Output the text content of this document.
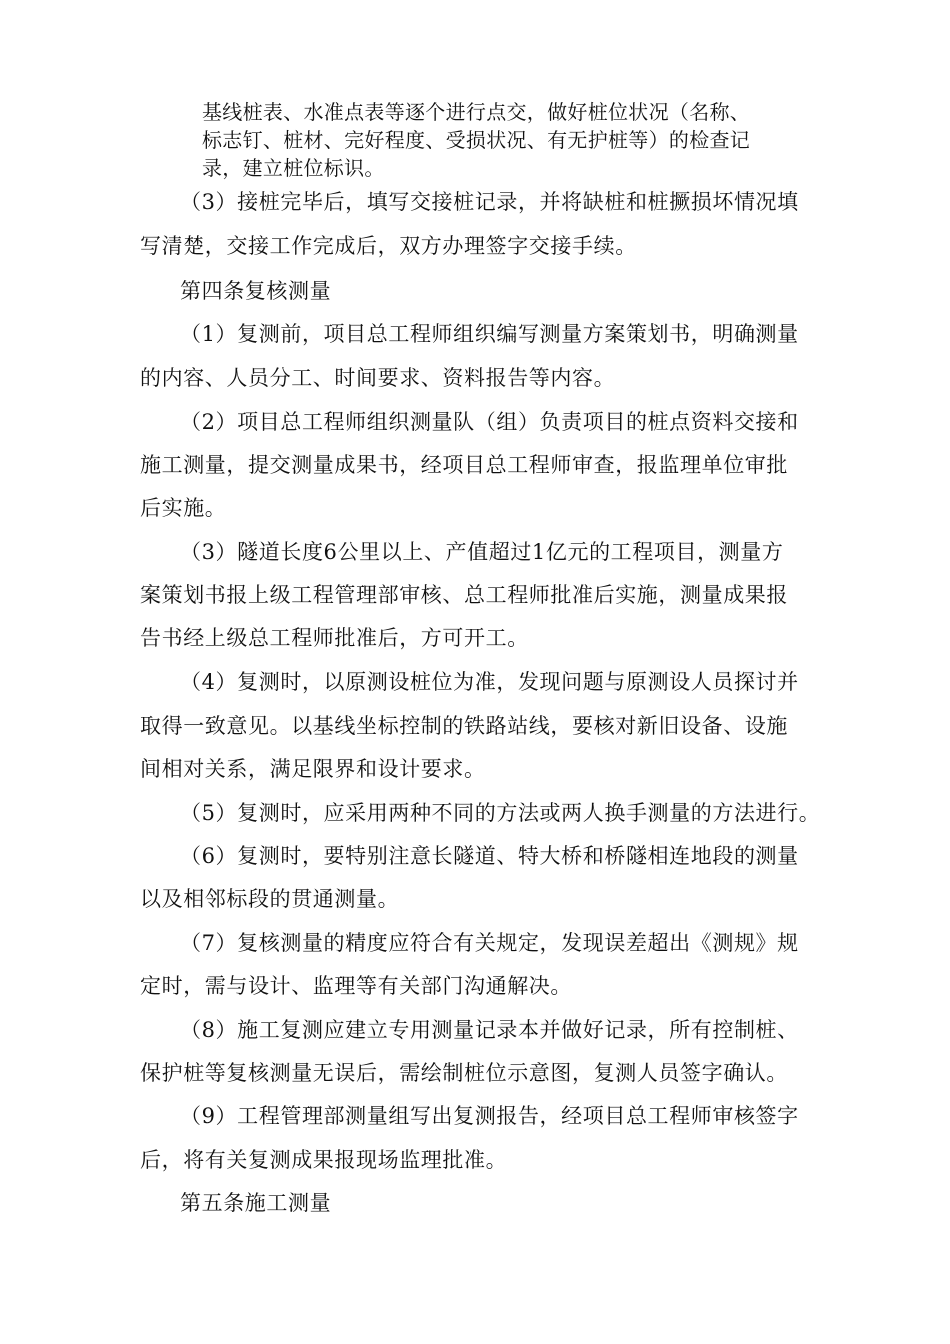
基线桩表、水准点表等逐个进行点交，做好桩位状况（名称、
标志钉、桩材、完好程度、受损状况、有无护桩等）的检查记
录，建立桩位标识。
（3）接桩完毕后，填写交接桩记录，并将缺桩和桩撅损坏情况填
写清楚，交接工作完成后，双方办理签字交接手续。
第四条复核测量
（1）复测前，项目总工程师组织编写测量方案策划书，明确测量
的内容、人员分工、时间要求、资料报告等内容。
（2）项目总工程师组织测量队（组）负责项目的桩点资料交接和
施工测量，提交测量成果书，经项目总工程师审查，报监理单位审批
后实施。
（3）隧道长度6公里以上、产值超过1亿元的工程项目，测量方
案策划书报上级工程管理部审核、总工程师批准后实施，测量成果报
告书经上级总工程师批准后，方可开工。
（4）复测时，以原测设桩位为准，发现问题与原测设人员探讨并
取得一致意见。以基线坐标控制的铁路站线，要核对新旧设备、设施
间相对关系，满足限界和设计要求。
（5）复测时，应采用两种不同的方法或两人换手测量的方法进行。
（6）复测时，要特别注意长隧道、特大桥和桥隧相连地段的测量
以及相邻标段的贯通测量。
（7）复核测量的精度应符合有关规定，发现误差超出《测规》规
定时，需与设计、监理等有关部门沟通解决。
（8）施工复测应建立专用测量记录本并做好记录，所有控制桩、
保护桩等复核测量无误后，需绘制桩位示意图，复测人员签字确认。
（9）工程管理部测量组写出复测报告，经项目总工程师审核签字
后，将有关复测成果报现场监理批准。
第五条施工测量
